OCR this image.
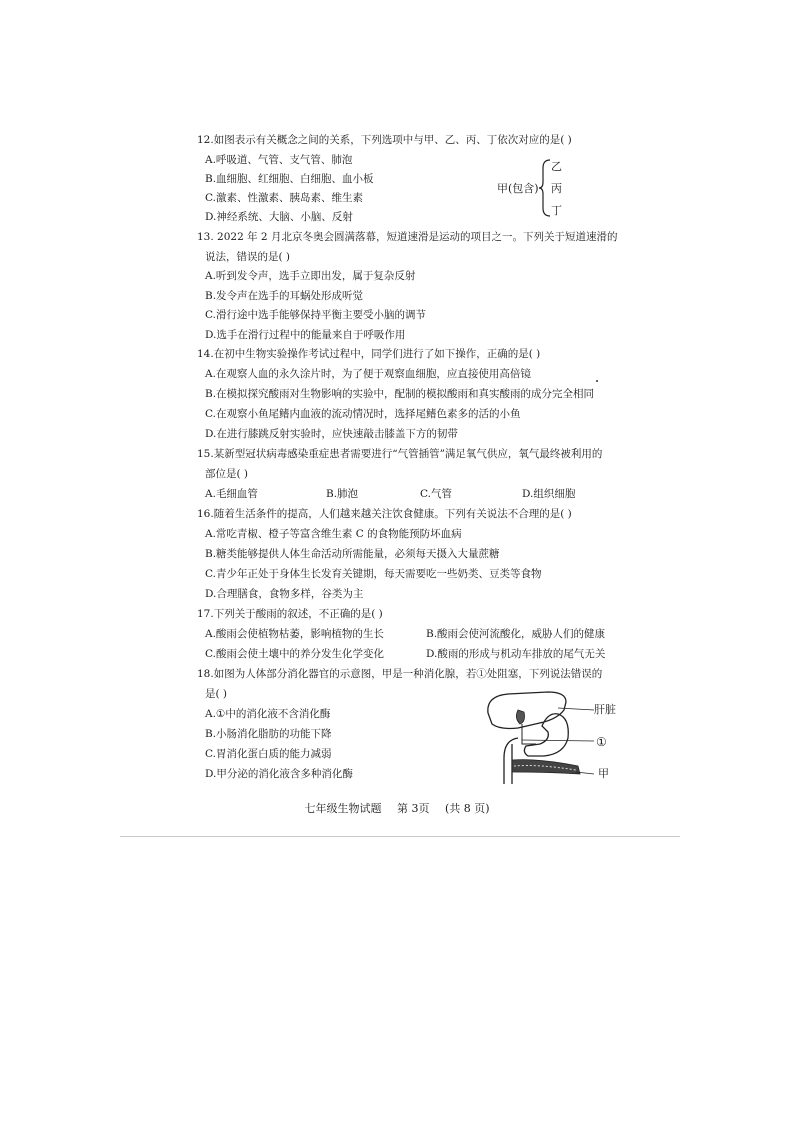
12.如图表示有关概念之间的关系，下列选项中与甲、乙、丙、丁依次对应的是( )
A.呼吸道、气管、支气管、肺泡
B.血细胞、红细胞、白细胞、血小板
C.激素、性激素、胰岛素、维生素
D.神经系统、大脑、小脑、反射
甲(包含)
乙
丙
丁
13. 2022 年 2 月北京冬奥会圆满落幕，短道速滑是运动的项目之一。下列关于短道速滑的
说法，错误的是( )
A.听到发令声，选手立即出发，属于复杂反射
B.发令声在选手的耳蜗处形成听觉
C.滑行途中选手能够保持平衡主要受小脑的调节
D.选手在滑行过程中的能量来自于呼吸作用
14.在初中生物实验操作考试过程中，同学们进行了如下操作，正确的是( )
A.在观察人血的永久涂片时，为了便于观察血细胞，应直接使用高倍镜
B.在模拟探究酸雨对生物影响的实验中，配制的模拟酸雨和真实酸雨的成分完全相同
C.在观察小鱼尾鳍内血液的流动情况时，选择尾鳍色素多的活的小鱼
D.在进行膝跳反射实验时，应快速敲击膝盖下方的韧带
15.某新型冠状病毒感染重症患者需要进行“气管插管”满足氧气供应，氧气最终被利用的
部位是( )
A.毛细血管	B.肺泡	C.气管	D.组织细胞
16.随着生活条件的提高，人们越来越关注饮食健康。下列有关说法不合理的是( )
A.常吃青椒、橙子等富含维生素 C 的食物能预防坏血病
B.糖类能够提供人体生命活动所需能量，必须每天摄入大量蔗糖
C.青少年正处于身体生长发育关键期，每天需要吃一些奶类、豆类等食物
D.合理膳食，食物多样，谷类为主
17.下列关于酸雨的叙述，不正确的是( )
A.酸雨会使植物枯萎，影响植物的生长	B.酸雨会使河流酸化，威胁人们的健康
C.酸雨会使土壤中的养分发生化学变化	D.酸雨的形成与机动车排放的尾气无关
18.如图为人体部分消化器官的示意图，甲是一种消化腺，若①处阻塞，下列说法错误的
是( )
A.①中的消化液不含消化酶
B.小肠消化脂肪的功能下降
C.胃消化蛋白质的能力减弱
D.甲分泌的消化液含多种消化酶
肝脏
①
甲
七年级生物试题 第 3页 (共 8 页)
